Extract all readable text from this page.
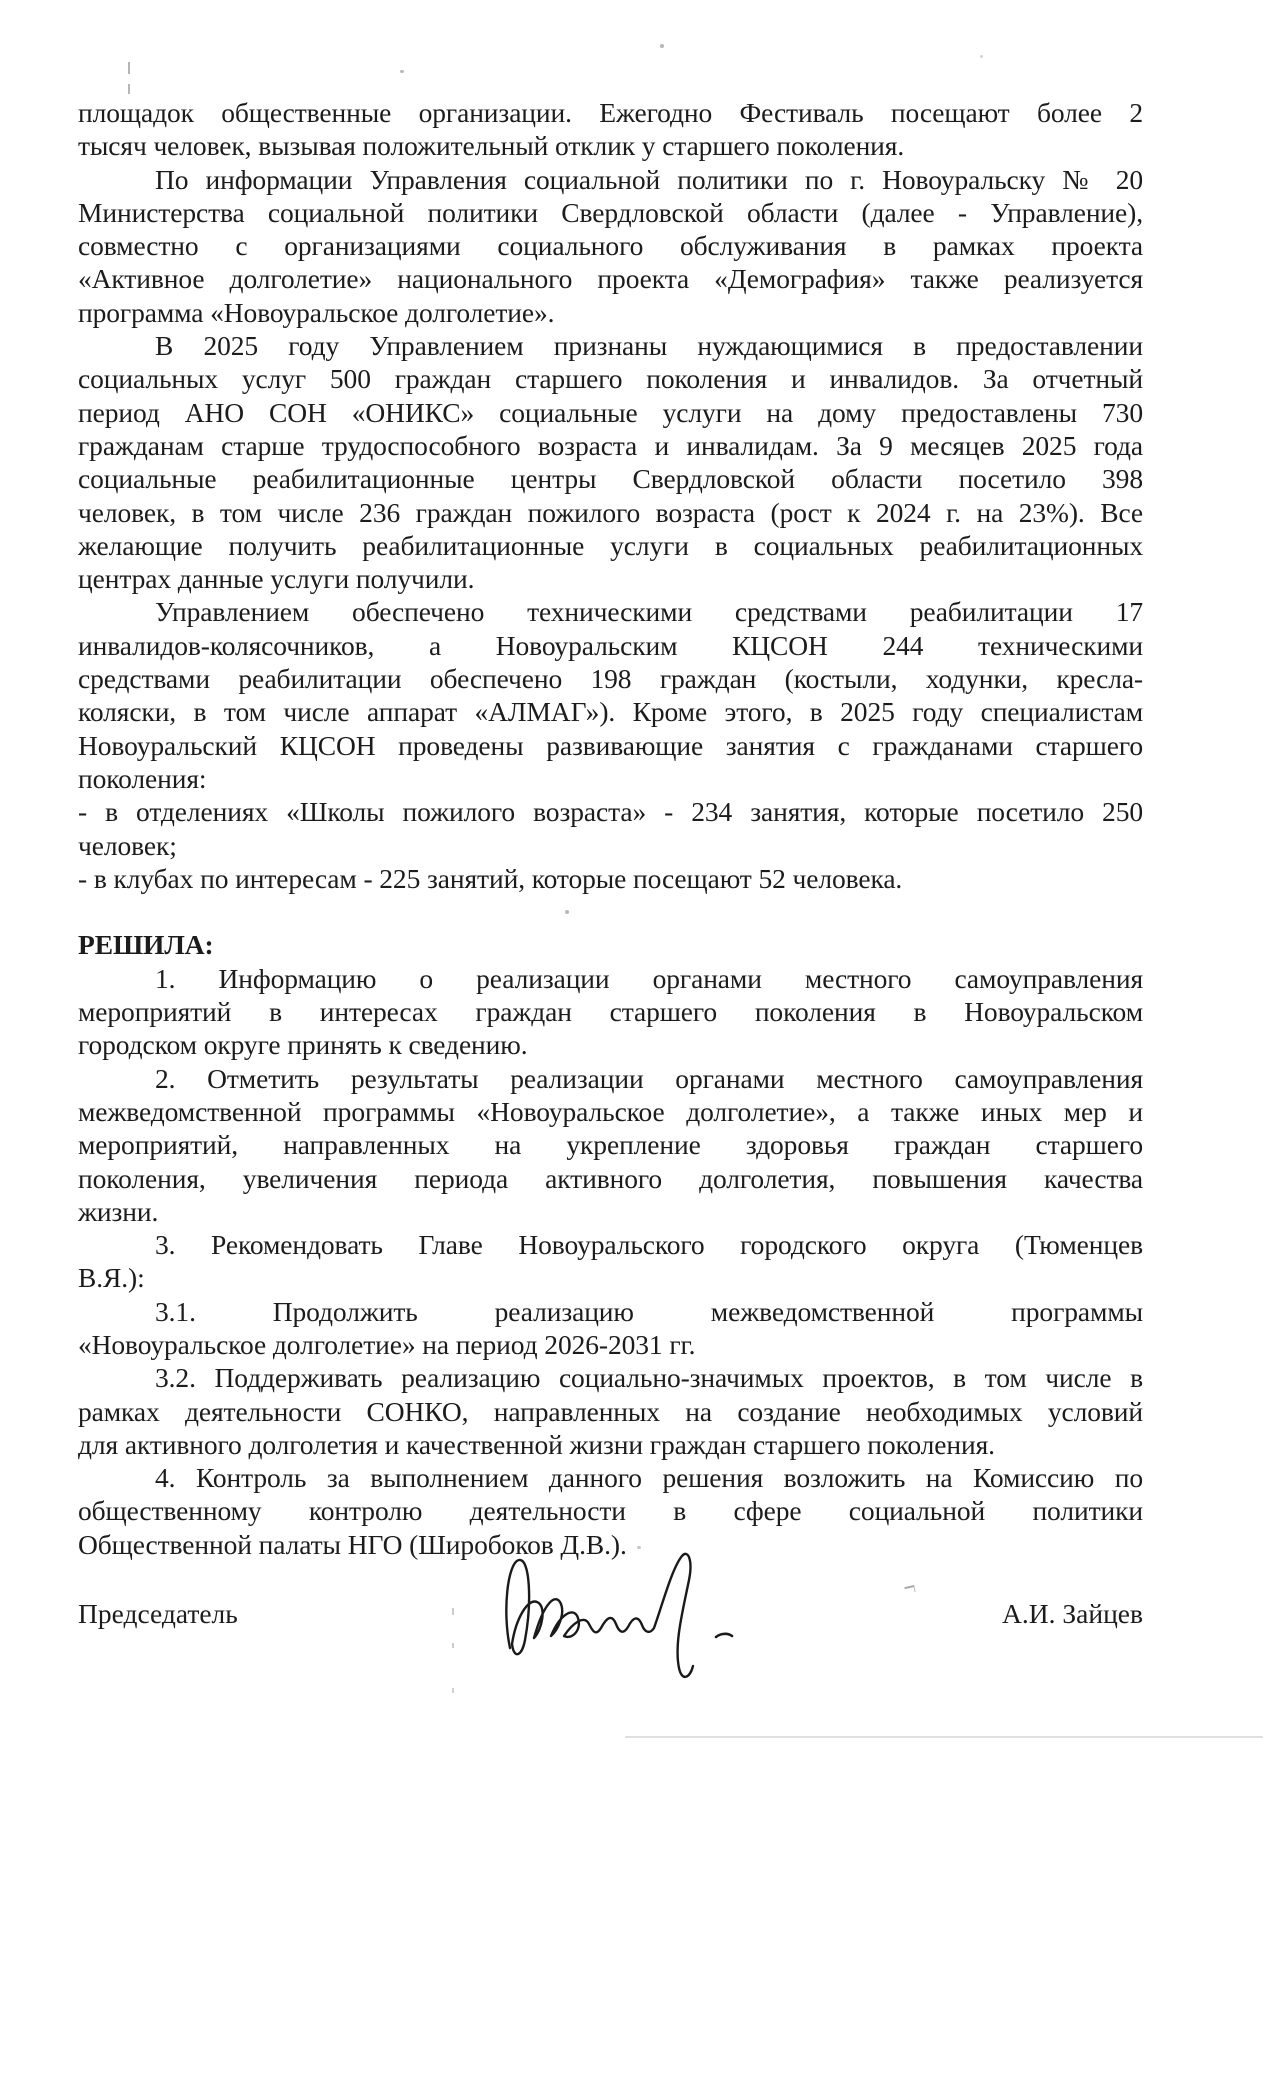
площадок общественные организации. Ежегодно Фестиваль посещают более 2
тысяч человек, вызывая положительный отклик у старшего поколения.
По информации Управления социальной политики по г. Новоуральску № 20
Министерства социальной политики Свердловской области (далее - Управление),
совместно с организациями социального обслуживания в рамках проекта
«Активное долголетие» национального проекта «Демография» также реализуется
программа «Новоуральское долголетие».
В 2025 году Управлением признаны нуждающимися в предоставлении
социальных услуг 500 граждан старшего поколения и инвалидов. За отчетный
период АНО СОН «ОНИКС» социальные услуги на дому предоставлены 730
гражданам старше трудоспособного возраста и инвалидам. За 9 месяцев 2025 года
социальные реабилитационные центры Свердловской области посетило 398
человек, в том числе 236 граждан пожилого возраста (рост к 2024 г. на 23%). Все
желающие получить реабилитационные услуги в социальных реабилитационных
центрах данные услуги получили.
Управлением обеспечено техническими средствами реабилитации 17
инвалидов-колясочников, а Новоуральским КЦСОН 244 техническими
средствами реабилитации обеспечено 198 граждан (костыли, ходунки, кресла-
коляски, в том числе аппарат «АЛМАГ»). Кроме этого, в 2025 году специалистам
Новоуральский КЦСОН проведены развивающие занятия с гражданами старшего
поколения:
- в отделениях «Школы пожилого возраста» - 234 занятия, которые посетило 250
человек;
- в клубах по интересам - 225 занятий, которые посещают 52 человека.
РЕШИЛА:
1. Информацию о реализации органами местного самоуправления
мероприятий в интересах граждан старшего поколения в Новоуральском
городском округе принять к сведению.
2. Отметить результаты реализации органами местного самоуправления
межведомственной программы «Новоуральское долголетие», а также иных мер и
мероприятий, направленных на укрепление здоровья граждан старшего
поколения, увеличения периода активного долголетия, повышения качества
жизни.
3. Рекомендовать Главе Новоуральского городского округа (Тюменцев
В.Я.):
3.1. Продолжить реализацию межведомственной программы
«Новоуральское долголетие» на период 2026-2031 гг.
3.2. Поддерживать реализацию социально-значимых проектов, в том числе в
рамках деятельности СОНКО, направленных на создание необходимых условий
для активного долголетия и качественной жизни граждан старшего поколения.
4. Контроль за выполнением данного решения возложить на Комиссию по
общественному контролю деятельности в сфере социальной политики
Общественной палаты НГО (Широбоков Д.В.).
Председатель	А.И. Зайцев
